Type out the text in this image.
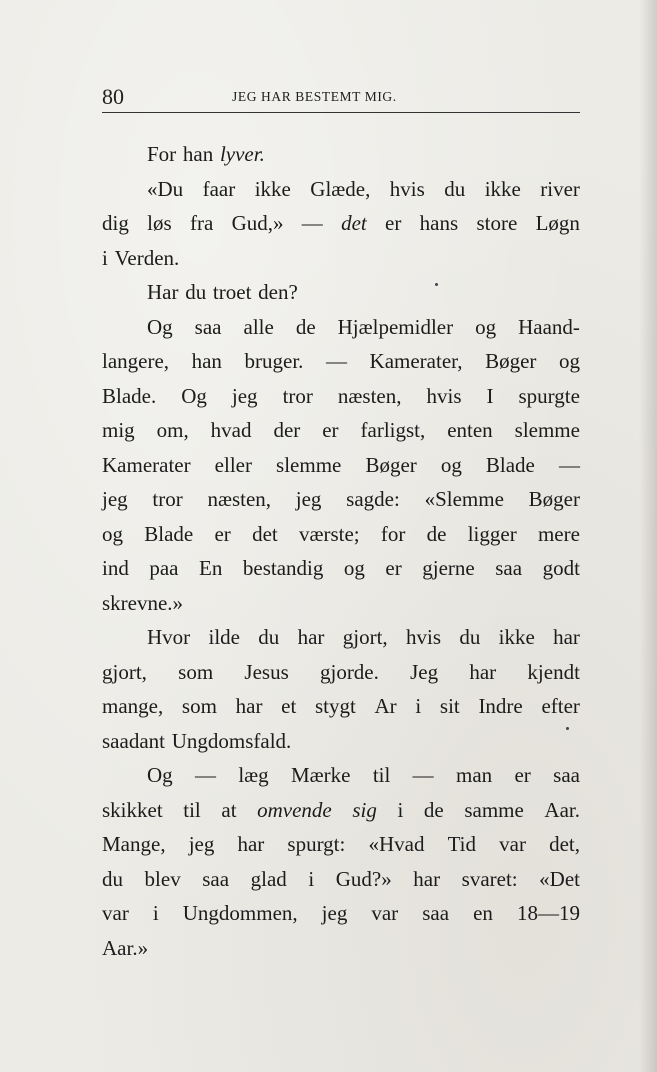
80	JEG HAR BESTEMT MIG.
For han lyver.
«Du faar ikke Glæde, hvis du ikke river
dig løs fra Gud,» — det er hans store Løgn
i Verden.
Har du troet den?
Og saa alle de Hjælpemidler og Haand-
langere, han bruger. — Kamerater, Bøger og
Blade. Og jeg tror næsten, hvis I spurgte
mig om, hvad der er farligst, enten slemme
Kamerater eller slemme Bøger og Blade —
jeg tror næsten, jeg sagde: «Slemme Bøger
og Blade er det værste; for de ligger mere
ind paa En bestandig og er gjerne saa godt
skrevne.»
Hvor ilde du har gjort, hvis du ikke har
gjort, som Jesus gjorde. Jeg har kjendt
mange, som har et stygt Ar i sit Indre efter
saadant Ungdomsfald.
Og — læg Mærke til — man er saa
skikket til at omvende sig i de samme Aar.
Mange, jeg har spurgt: «Hvad Tid var det,
du blev saa glad i Gud?» har svaret: «Det
var i Ungdommen, jeg var saa en 18—19
Aar.»
